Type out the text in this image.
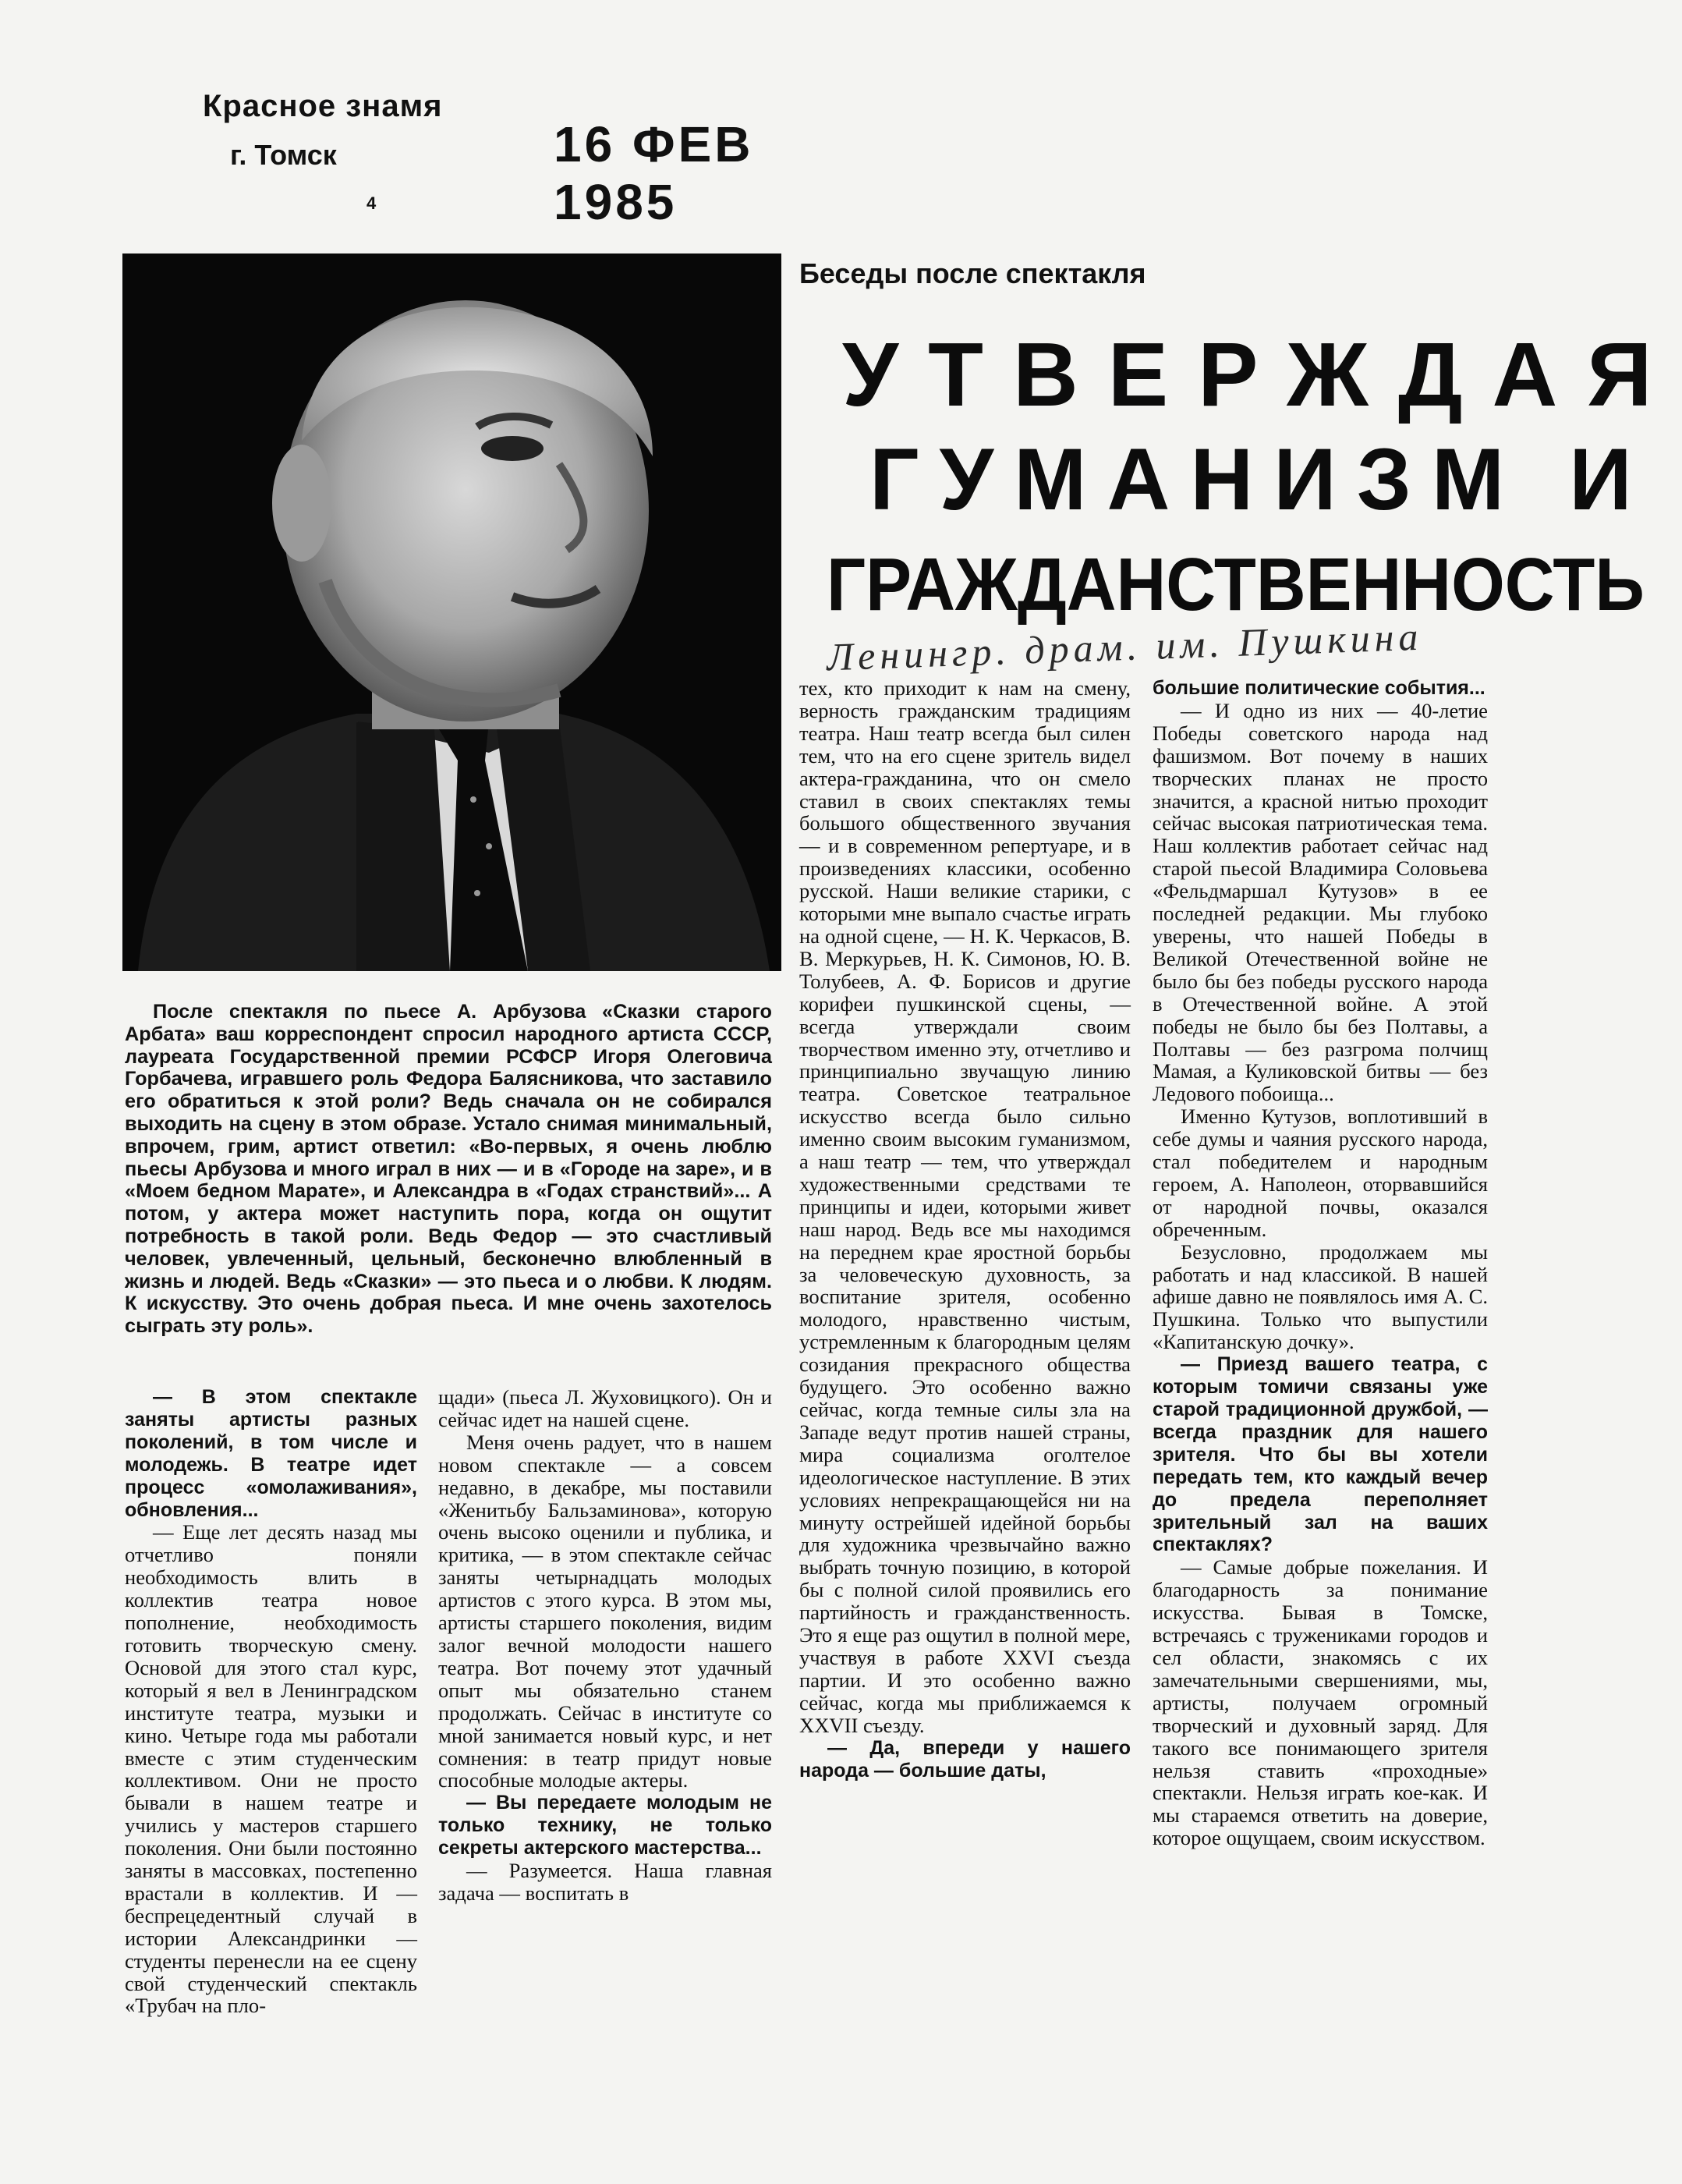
Красное знамя
г. Томск	16 ФЕВ 1985
4
Беседы после спектакля
УТВЕРЖДАЯ
ГУМАНИЗМ И
ГРАЖДАНСТВЕННОСТЬ
Ленингр. драм. им. Пушкина

После спектакля по пьесе А. Арбузова «Сказки старого Арбата» ваш корреспондент спросил народного артиста СССР, лауреата Государственной премии РСФСР Игоря Олеговича Горбачева, игравшего роль Федора Балясникова, что заставило его обратиться к этой роли? Ведь сначала он не собирался выходить на сцену в этом образе. Устало снимая минимальный, впрочем, грим, артист ответил: «Во-первых, я очень люблю пьесы Арбузова и много играл в них — и в «Городе на заре», и в «Моем бедном Марате», и Александра в «Годах странствий»... А потом, у актера может наступить пора, когда он ощутит потребность в такой роли. Ведь Федор — это счастливый человек, увлеченный, цельный, бесконечно влюбленный в жизнь и людей. Ведь «Сказки» — это пьеса и о любви. К людям. К искусству. Это очень добрая пьеса. И мне очень захотелось сыграть эту роль».

— В этом спектакле заняты артисты разных поколений, в том числе и молодежь. В театре идет процесс «омолаживания», обновления...

— Еще лет десять назад мы отчетливо поняли необходимость влить в коллектив театра новое пополнение, необходимость готовить творческую смену. Основой для этого стал курс, который я вел в Ленинградском институте театра, музыки и кино. Четыре года мы работали вместе с этим студенческим коллективом. Они не просто бывали в нашем театре и учились у мастеров старшего поколения. Они были постоянно заняты в массовках, постепенно врастали в коллектив. И — беспрецедентный случай в истории Александринки — студенты перенесли на ее сцену свой студенческий спектакль «Трубач на пло-

щади» (пьеса Л. Жуховицкого). Он и сейчас идет на нашей сцене.

Меня очень радует, что в нашем новом спектакле — а совсем недавно, в декабре, мы поставили «Женитьбу Бальзаминова», которую очень высоко оценили и публика, и критика, — в этом спектакле сейчас заняты четырнадцать молодых артистов с этого курса. В этом мы, артисты старшего поколения, видим залог вечной молодости нашего театра. Вот почему этот удачный опыт мы обязательно станем продолжать. Сейчас в институте со мной занимается новый курс, и нет сомнения: в театр придут новые способные молодые актеры.

— Вы передаете молодым не только технику, не только секреты актерского мастерства...

— Разумеется. Наша главная задача — воспитать в

тех, кто приходит к нам на смену, верность гражданским традициям театра. Наш театр всегда был силен тем, что на его сцене зритель видел актера-гражданина, что он смело ставил в своих спектаклях темы большого общественного звучания — и в современном репертуаре, и в произведениях классики, особенно русской. Наши великие старики, с которыми мне выпало счастье играть на одной сцене, — Н. К. Черкасов, В. В. Меркурьев, Н. К. Симонов, Ю. В. Толубеев, А. Ф. Борисов и другие корифеи пушкинской сцены, — всегда утверждали своим творчеством именно эту, отчетливо и принципиально звучащую линию театра. Советское театральное искусство всегда было сильно именно своим высоким гуманизмом, а наш театр — тем, что утверждал художественными средствами те принципы и идеи, которыми живет наш народ. Ведь все мы находимся на переднем крае яростной борьбы за человеческую духовность, за воспитание зрителя, особенно молодого, нравственно чистым, устремленным к благородным целям созидания прекрасного общества будущего. Это особенно важно сейчас, когда темные силы зла на Западе ведут против нашей страны, мира социализма оголтелое идеологическое наступление. В этих условиях непрекращающейся ни на минуту острейшей идейной борьбы для художника чрезвычайно важно выбрать точную позицию, в которой бы с полной силой проявились его партийность и гражданственность. Это я еще раз ощутил в полной мере, участвуя в работе XXVI съезда партии. И это особенно важно сейчас, когда мы приближаемся к XXVII съезду.

— Да, впереди у нашего народа — большие даты,

большие политические события...

— И одно из них — 40-летие Победы советского народа над фашизмом. Вот почему в наших творческих планах не просто значится, а красной нитью проходит сейчас высокая патриотическая тема. Наш коллектив работает сейчас над старой пьесой Владимира Соловьева «Фельдмаршал Кутузов» в ее последней редакции. Мы глубоко уверены, что нашей Победы в Великой Отечественной войне не было бы без победы русского народа в Отечественной войне. А этой победы не было бы без Полтавы, а Полтавы — без разгрома полчищ Мамая, а Куликовской битвы — без Ледового побоища...

Именно Кутузов, воплотивший в себе думы и чаяния русского народа, стал победителем и народным героем, А. Наполеон, оторвавшийся от народной почвы, оказался обреченным.

Безусловно, продолжаем мы работать и над классикой. В нашей афише давно не появлялось имя А. С. Пушкина. Только что выпустили «Капитанскую дочку».

— Приезд вашего театра, с которым томичи связаны уже старой традиционной дружбой, — всегда праздник для нашего зрителя. Что бы вы хотели передать тем, кто каждый вечер до предела переполняет зрительный зал на ваших спектаклях?

— Самые добрые пожелания. И благодарность за понимание искусства. Бывая в Томске, встречаясь с тружениками городов и сел области, знакомясь с их замечательными свершениями, мы, артисты, получаем огромный творческий и духовный заряд. Для такого все понимающего зрителя нельзя ставить «проходные» спектакли. Нельзя играть кое-как. И мы стараемся ответить на доверие, которое ощущаем, своим искусством.
